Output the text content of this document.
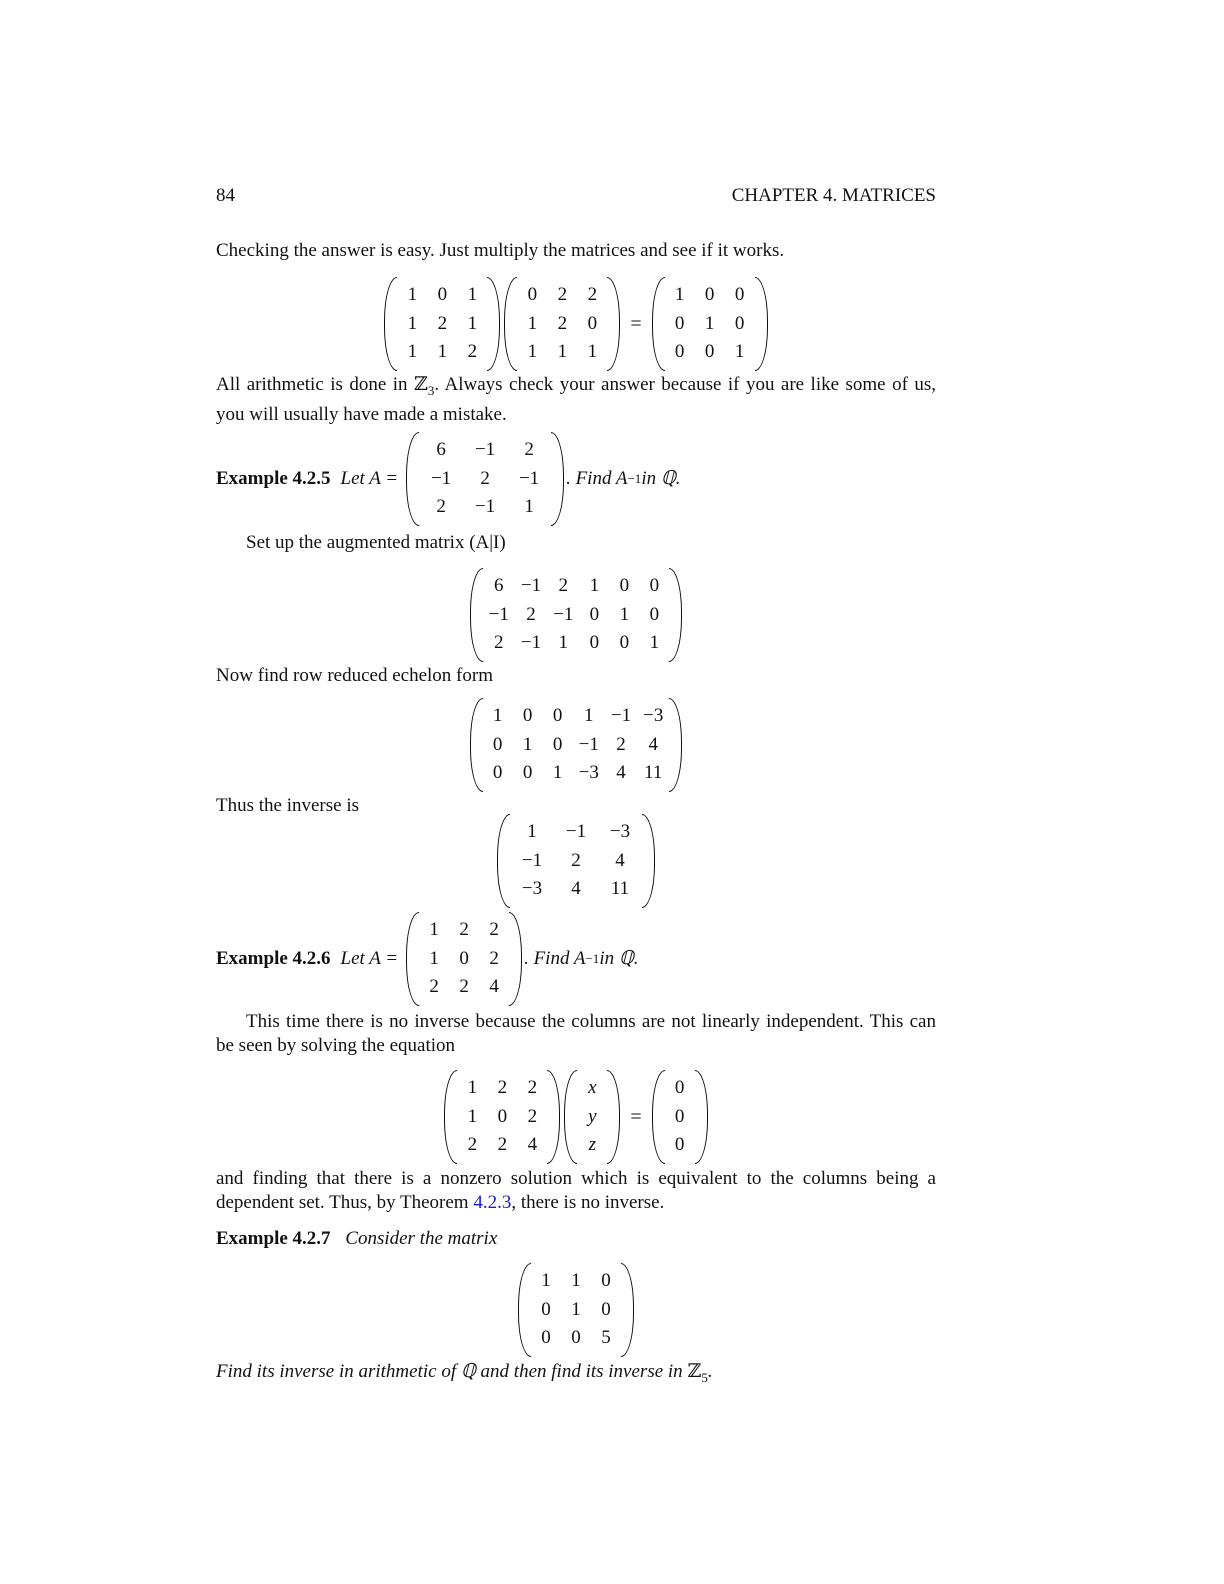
84	CHAPTER 4. MATRICES
Checking the answer is easy. Just multiply the matrices and see if it works.
1	0	1
1	2	1
1	1	2
0	2	2
1	2	0
1	1	1
=
1	0	0
0	1	0
0	0	1
All arithmetic is done in ℤ$_3$. Always check your answer because if you are like some of us, you will usually have made a mistake.
Example 4.2.5 Let A =
6	−1	2
−1	2	−1
2	−1	1
. Find A −1 in ℚ.
Set up the augmented matrix (A|I)
6	−1	2	1	0	0
−1	2	−1	0	1	0
2	−1	1	0	0	1
Now find row reduced echelon form
1	0	0	1	−1	−3
0	1	0	−1	2	4
0	0	1	−3	4	11
Thus the inverse is
1	−1	−3
−1	2	4
−3	4	11
Example 4.2.6 Let A =
1	2	2
1	0	2
2	2	4
. Find A −1 in ℚ.
This time there is no inverse because the columns are not linearly independent. This can be seen by solving the equation
1	2	2
1	0	2
2	2	4
x
y
z
=
0
0
0
and finding that there is a nonzero solution which is equivalent to the columns being a dependent set. Thus, by Theorem 4.2.3, there is no inverse.
Example 4.2.7 Consider the matrix
1	1	0
0	1	0
0	0	5
Find its inverse in arithmetic of ℚ and then find its inverse in ℤ$_5$.
